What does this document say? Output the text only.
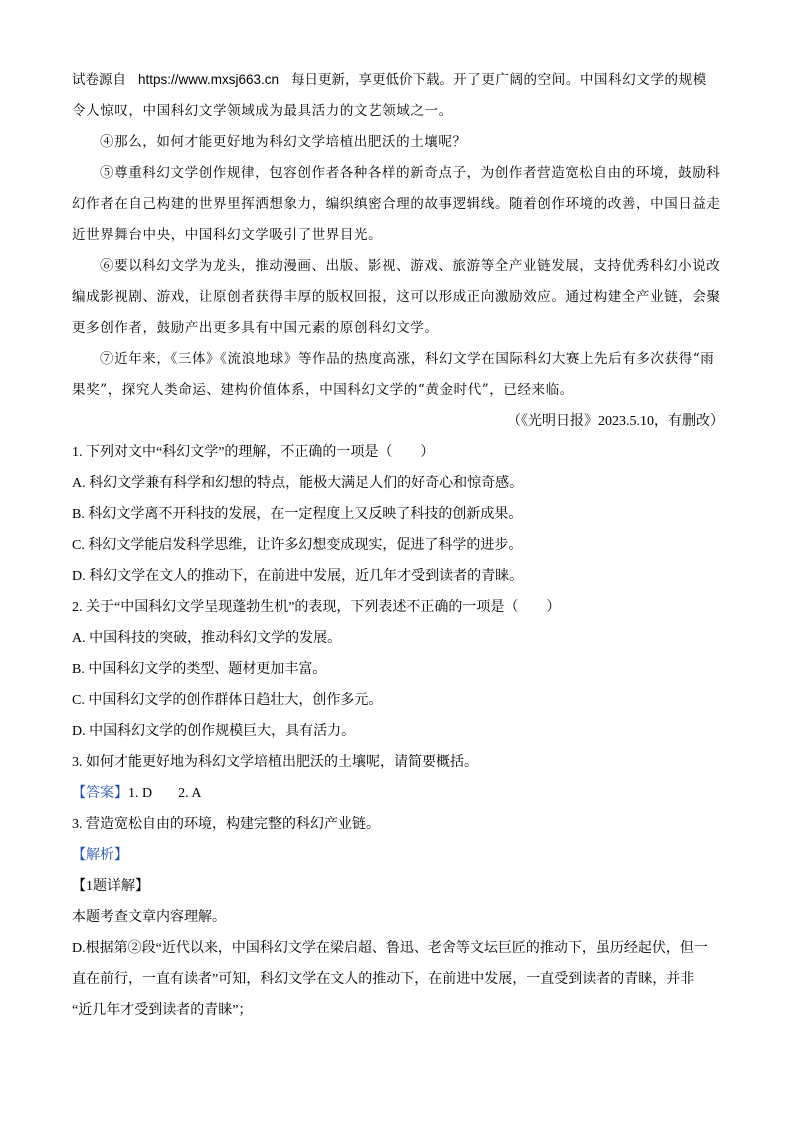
试卷源自 https://www.mxsj663.cn 每日更新，享更低价下载。开了更广阔的空间。中国科幻文学的规模
令人惊叹，中国科幻文学领域成为最具活力的文艺领域之一。
④那么，如何才能更好地为科幻文学培植出肥沃的土壤呢？
⑤尊重科幻文学创作规律，包容创作者各种各样的新奇点子，为创作者营造宽松自由的环境，鼓励科
幻作者在自己构建的世界里挥洒想象力，编织缜密合理的故事逻辑线。随着创作环境的改善，中国日益走
近世界舞台中央，中国科幻文学吸引了世界目光。
⑥要以科幻文学为龙头，推动漫画、出版、影视、游戏、旅游等全产业链发展，支持优秀科幻小说改
编成影视剧、游戏，让原创者获得丰厚的版权回报，这可以形成正向激励效应。通过构建全产业链，会聚
更多创作者，鼓励产出更多具有中国元素的原创科幻文学。
⑦近年来，《三体》《流浪地球》等作品的热度高涨，科幻文学在国际科幻大赛上先后有多次获得“雨
果奖”，探究人类命运、建构价值体系，中国科幻文学的“黄金时代”，已经来临。
（《光明日报》2023.5.10，有删改）
1. 下列对文中“科幻文学”的理解，不正确的一项是（　　）
A. 科幻文学兼有科学和幻想的特点，能极大满足人们的好奇心和惊奇感。
B. 科幻文学离不开科技的发展，在一定程度上又反映了科技的创新成果。
C. 科幻文学能启发科学思维，让许多幻想变成现实，促进了科学的进步。
D. 科幻文学在文人的推动下，在前进中发展，近几年才受到读者的青睐。
2. 关于“中国科幻文学呈现蓬勃生机”的表现，下列表述不正确的一项是（　　）
A. 中国科技的突破，推动科幻文学的发展。
B. 中国科幻文学的类型、题材更加丰富。
C. 中国科幻文学的创作群体日趋壮大，创作多元。
D. 中国科幻文学的创作规模巨大，具有活力。
3. 如何才能更好地为科幻文学培植出肥沃的土壤呢，请简要概括。
【答案】1. D 2. A
3. 营造宽松自由的环境，构建完整的科幻产业链。
【解析】
【1题详解】
本题考查文章内容理解。
D.根据第②段“近代以来，中国科幻文学在梁启超、鲁迅、老舍等文坛巨匠的推动下，虽历经起伏，但一
直在前行，一直有读者”可知，科幻文学在文人的推动下，在前进中发展，一直受到读者的青睐，并非
“近几年才受到读者的青睐”；
